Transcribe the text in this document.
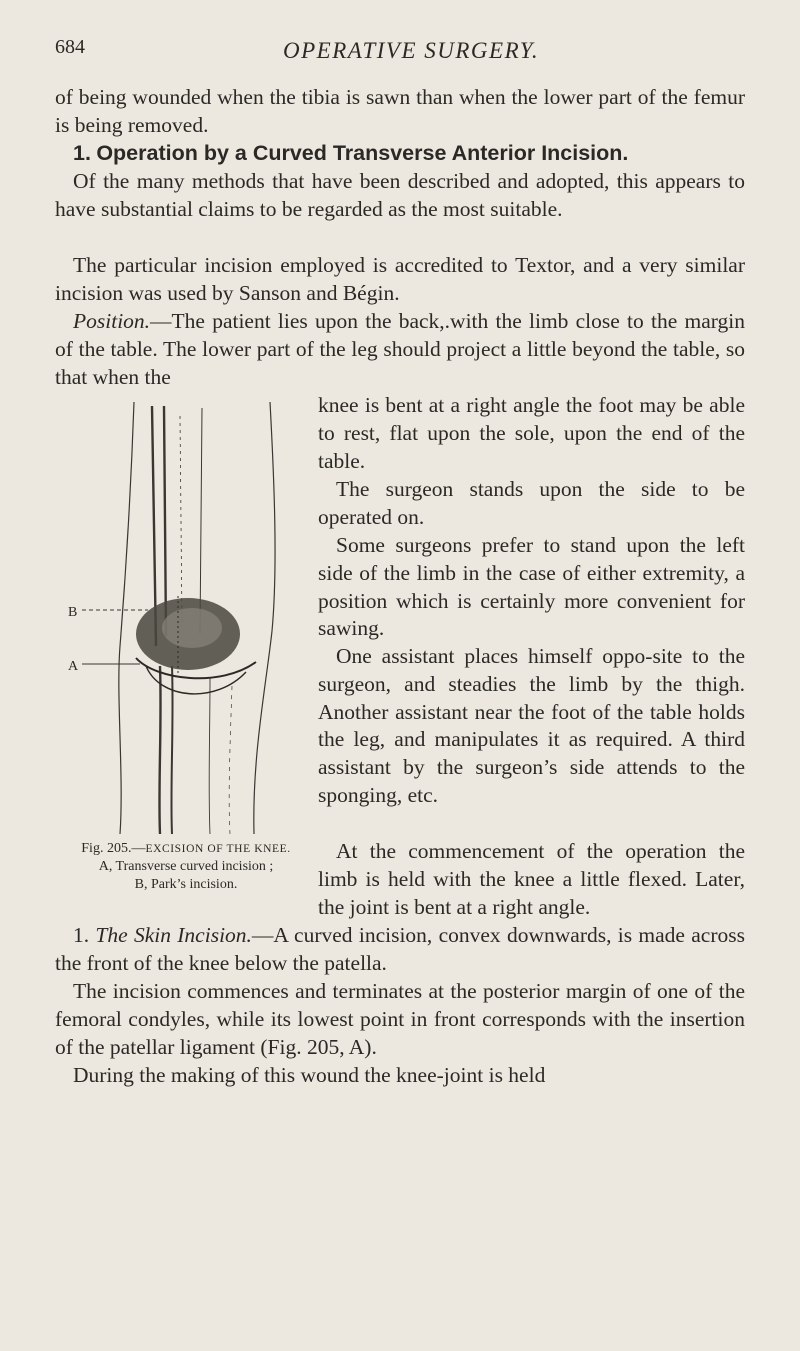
684	OPERATIVE SURGERY.

of being wounded when the tibia is sawn than when the lower part of the femur is being removed.

1. Operation by a Curved Transverse Anterior Incision.

Of the many methods that have been described and adopted, this appears to have substantial claims to be regarded as the most suitable.

The particular incision employed is accredited to Textor, and a very similar incision was used by Sanson and Bégin.

Position.—The patient lies upon the back,.with the limb close to the margin of the table. The lower part of the leg should project a little beyond the table, so that when the

knee is bent at a right angle the foot may be able to rest, flat upon the sole, upon the end of the table.

The surgeon stands upon the side to be operated on.

Some surgeons prefer to stand upon the left side of the limb in the case of either extremity, a position which is certainly more convenient for sawing.

One assistant places himself oppo-site to the surgeon, and steadies the limb by the thigh. Another assistant near the foot of the table holds the leg, and manipulates it as required. A third assistant by the surgeon’s side attends to the sponging, etc.

At the commencement of the operation the limb is held with the knee a little flexed. Later, the joint is bent at a right angle.

1. The Skin Incision.—A curved incision, convex downwards, is made across the front of the knee below the patella.

The incision commences and terminates at the posterior margin of one of the femoral condyles, while its lowest point in front corresponds with the insertion of the patellar ligament (Fig. 205, A).

During the making of this wound the knee-joint is held

B
A
Fig. 205.—EXCISION OF THE KNEE.
A, Transverse curved incision ;
B, Park’s incision.
